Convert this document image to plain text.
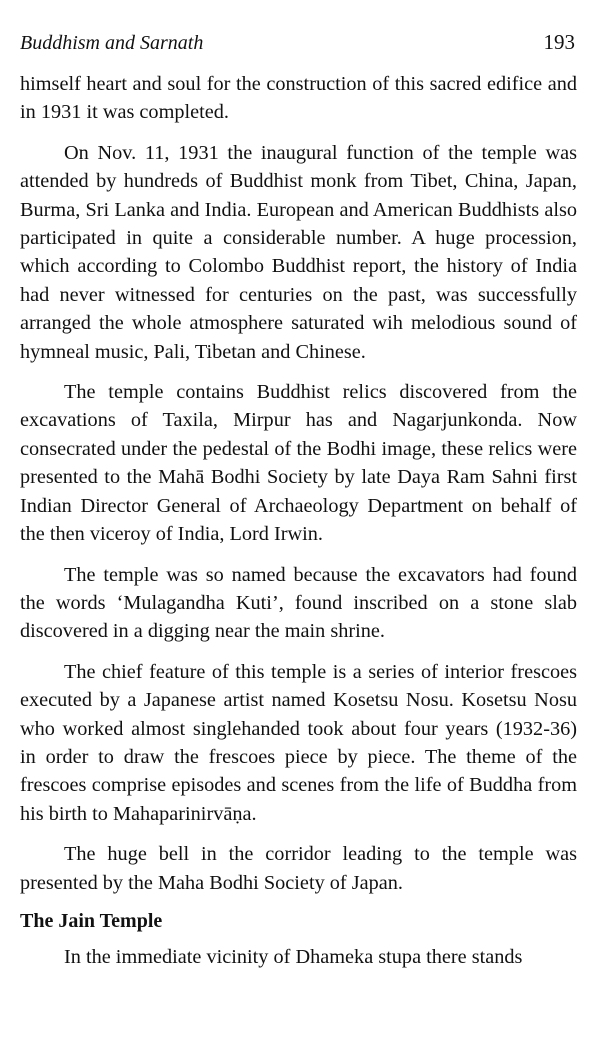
Buddhism and Sarnath	193

himself heart and soul for the construction of this sacred edifice and in 1931 it was completed.

On Nov. 11, 1931 the inaugural function of the temple was attended by hundreds of Buddhist monk from Tibet, China, Japan, Burma, Sri Lanka and India. European and American Buddhists also participated in quite a considerable number. A huge procession, which according to Colombo Buddhist report, the history of India had never witnessed for centuries on the past, was successfully arranged the whole atmosphere saturated wih melodious sound of hymneal music, Pali, Tibetan and Chinese.

The temple contains Buddhist relics discovered from the excavations of Taxila, Mirpur has and Nagarjunkonda. Now consecrated under the pedestal of the Bodhi image, these relics were presented to the Mahā Bodhi Society by late Daya Ram Sahni first Indian Director General of Archaeology Department on behalf of the then viceroy of India, Lord Irwin.

The temple was so named because the excavators had found the words ‘Mulagandha Kuti’, found inscribed on a stone slab discovered in a digging near the main shrine.

The chief feature of this temple is a series of interior frescoes executed by a Japanese artist named Kosetsu Nosu. Kosetsu Nosu who worked almost singlehanded took about four years (1932-36) in order to draw the frescoes piece by piece. The theme of the frescoes comprise episodes and scenes from the life of Buddha from his birth to Mahaparinirvāṇa.

The huge bell in the corridor leading to the temple was presented by the Maha Bodhi Society of Japan.

The Jain Temple

In the immediate vicinity of Dhameka stupa there stands
